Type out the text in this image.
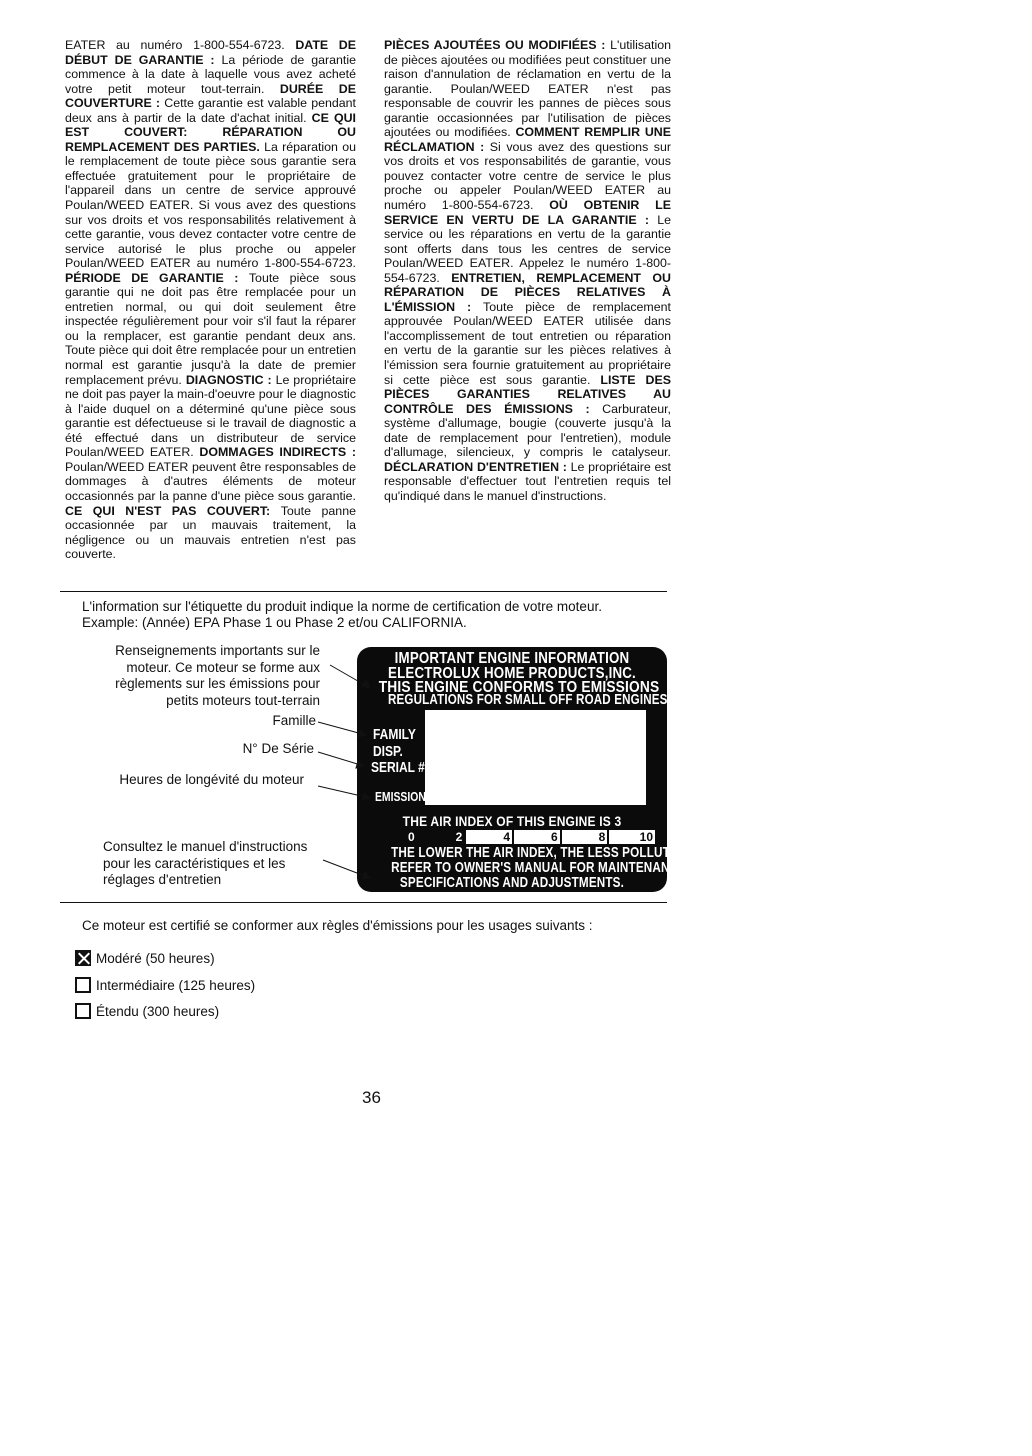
EATER au numéro 1-800-554-6723. DATE DE DÉBUT DE GARANTIE : La période de garantie commence à la date à laquelle vous avez acheté votre petit moteur tout-terrain. DURÉE DE COUVERTURE : Cette garantie est valable pendant deux ans à partir de la date d'achat initial. CE QUI EST COUVERT: RÉPARATION OU REMPLACEMENT DES PARTIES. La réparation ou le remplacement de toute pièce sous garantie sera effectuée gratuitement pour le propriétaire de l'appareil dans un centre de service approuvé Poulan/WEED EATER. Si vous avez des questions sur vos droits et vos responsabilités relativement à cette garantie, vous devez contacter votre centre de service autorisé le plus proche ou appeler Poulan/WEED EATER au numéro 1-800-554-6723. PÉRIODE DE GARANTIE : Toute pièce sous garantie qui ne doit pas être remplacée pour un entretien normal, ou qui doit seulement être inspectée régulièrement pour voir s'il faut la réparer ou la remplacer, est garantie pendant deux ans. Toute pièce qui doit être remplacée pour un entretien normal est garantie jusqu'à la date de premier remplacement prévu. DIAGNOSTIC : Le propriétaire ne doit pas payer la main-d'oeuvre pour le diagnostic à l'aide duquel on a déterminé qu'une pièce sous garantie est défectueuse si le travail de diagnostic a été effectué dans un distributeur de service Poulan/WEED EATER. DOMMAGES INDIRECTS : Poulan/WEED EATER peuvent être responsables de dommages à d'autres éléments de moteur occasionnés par la panne d'une pièce sous garantie. CE QUI N'EST PAS COUVERT: Toute panne occasionnée par un mauvais traitement, la négligence ou un mauvais entretien n'est pas couverte.
PIÈCES AJOUTÉES OU MODIFIÉES : L'utilisation de pièces ajoutées ou modifiées peut constituer une raison d'annulation de réclamation en vertu de la garantie. Poulan/WEED EATER n'est pas responsable de couvrir les pannes de pièces sous garantie occasionnées par l'utilisation de pièces ajoutées ou modifiées. COMMENT REMPLIR UNE RÉCLAMATION : Si vous avez des questions sur vos droits et vos responsabilités de garantie, vous pouvez contacter votre centre de service le plus proche ou appeler Poulan/WEED EATER au numéro 1-800-554-6723. OÙ OBTENIR LE SERVICE EN VERTU DE LA GARANTIE : Le service ou les réparations en vertu de la garantie sont offerts dans tous les centres de service Poulan/WEED EATER. Appelez le numéro 1-800-554-6723. ENTRETIEN, REMPLACEMENT OU RÉPARATION DE PIÈCES RELATIVES À L'ÉMISSION : Toute pièce de remplacement approuvée Poulan/WEED EATER utilisée dans l'accomplissement de tout entretien ou réparation en vertu de la garantie sur les pièces relatives à l'émission sera fournie gratuitement au propriétaire si cette pièce est sous garantie. LISTE DES PIÈCES GARANTIES RELATIVES AU CONTRÔLE DES ÉMISSIONS : Carburateur, système d'allumage, bougie (couverte jusqu'à la date de remplacement pour l'entretien), module d'allumage, silencieux, y compris le catalyseur. DÉCLARATION D'ENTRETIEN : Le propriétaire est responsable d'effectuer tout l'entretien requis tel qu'indiqué dans le manuel d'instructions.
L'information sur l'étiquette du produit indique la norme de certification de votre moteur.
Example: (Année) EPA Phase 1 ou Phase 2 et/ou CALIFORNIA.
Renseignements importants sur le
moteur. Ce moteur se forme aux
règlements sur les émissions pour
petits moteurs tout-terrain
Famille
N° De Série
Heures de longévité du moteur
Consultez le manuel d'instructions
pour les caractéristiques et les
réglages d'entretien
IMPORTANT ENGINE INFORMATION
ELECTROLUX HOME PRODUCTS,INC.
THIS ENGINE CONFORMS TO EMISSIONS
REGULATIONS FOR SMALL OFF ROAD ENGINES
FAMILY
DISP.
SERIAL #
EMISSION
THE AIR INDEX OF THIS ENGINE IS 3
0	2	4	6	8	10
THE LOWER THE AIR INDEX, THE LESS POLLUTION
REFER TO OWNER'S MANUAL FOR MAINTENANCE
SPECIFICATIONS AND ADJUSTMENTS.
Ce moteur est certifié se conformer aux règles d'émissions pour les usages suivants :
Modéré (50 heures)
Intermédiaire (125 heures)
Étendu (300 heures)
36
